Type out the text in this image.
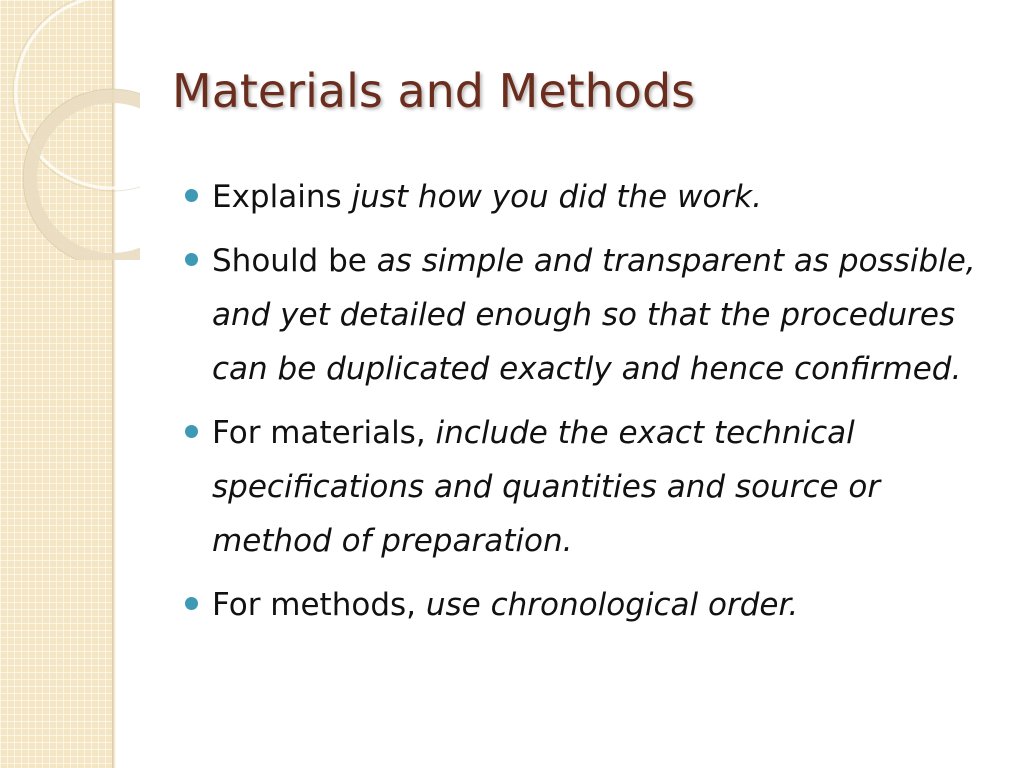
Materials and Methods
Explains just how you did the work.
Should be as simple and transparent as possible, and yet detailed enough so that the procedures can be duplicated exactly and hence confirmed.
For materials, include the exact technical specifications and quantities and source or method of preparation.
For methods, use chronological order.
